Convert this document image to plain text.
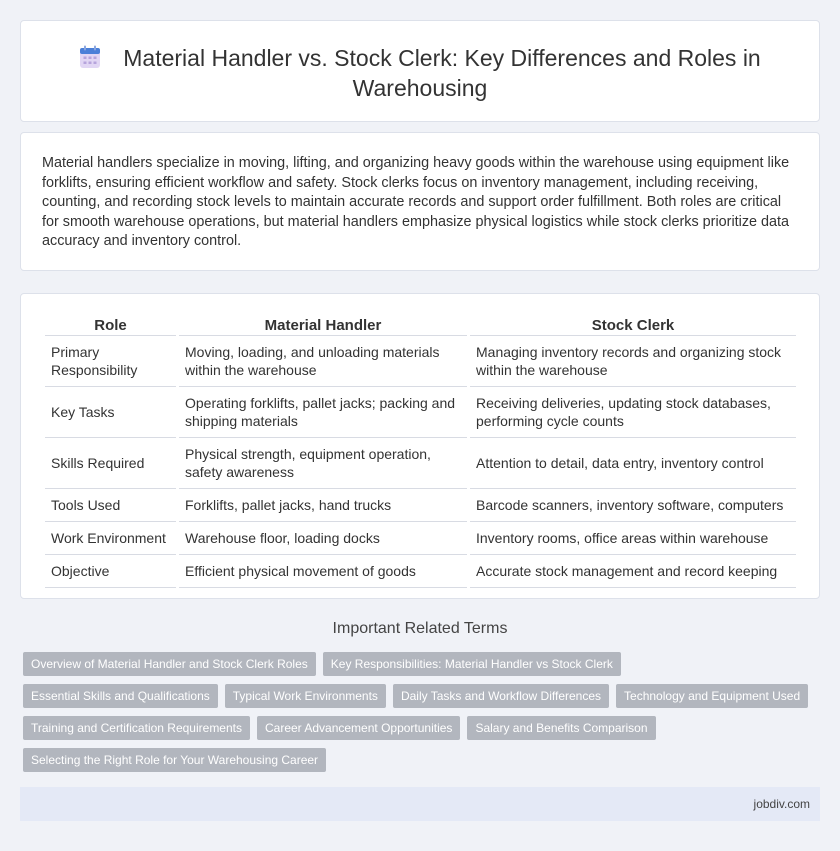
Material Handler vs. Stock Clerk: Key Differences and Roles in Warehousing

Material handlers specialize in moving, lifting, and organizing heavy goods within the warehouse using equipment like forklifts, ensuring efficient workflow and safety. Stock clerks focus on inventory management, including receiving, counting, and recording stock levels to maintain accurate records and support order fulfillment. Both roles are critical for smooth warehouse operations, but material handlers emphasize physical logistics while stock clerks prioritize data accuracy and inventory control.

Role	Material Handler	Stock Clerk
Primary Responsibility	Moving, loading, and unloading materials within the warehouse	Managing inventory records and organizing stock within the warehouse
Key Tasks	Operating forklifts, pallet jacks; packing and shipping materials	Receiving deliveries, updating stock databases, performing cycle counts
Skills Required	Physical strength, equipment operation, safety awareness	Attention to detail, data entry, inventory control
Tools Used	Forklifts, pallet jacks, hand trucks	Barcode scanners, inventory software, computers
Work Environment	Warehouse floor, loading docks	Inventory rooms, office areas within warehouse
Objective	Efficient physical movement of goods	Accurate stock management and record keeping
Important Related Terms
Overview of Material Handler and Stock Clerk Roles	Key Responsibilities: Material Handler vs Stock Clerk
Essential Skills and Qualifications	Typical Work Environments	Daily Tasks and Workflow Differences	Technology and Equipment Used
Training and Certification Requirements	Career Advancement Opportunities	Salary and Benefits Comparison
Selecting the Right Role for Your Warehousing Career
jobdiv.com
